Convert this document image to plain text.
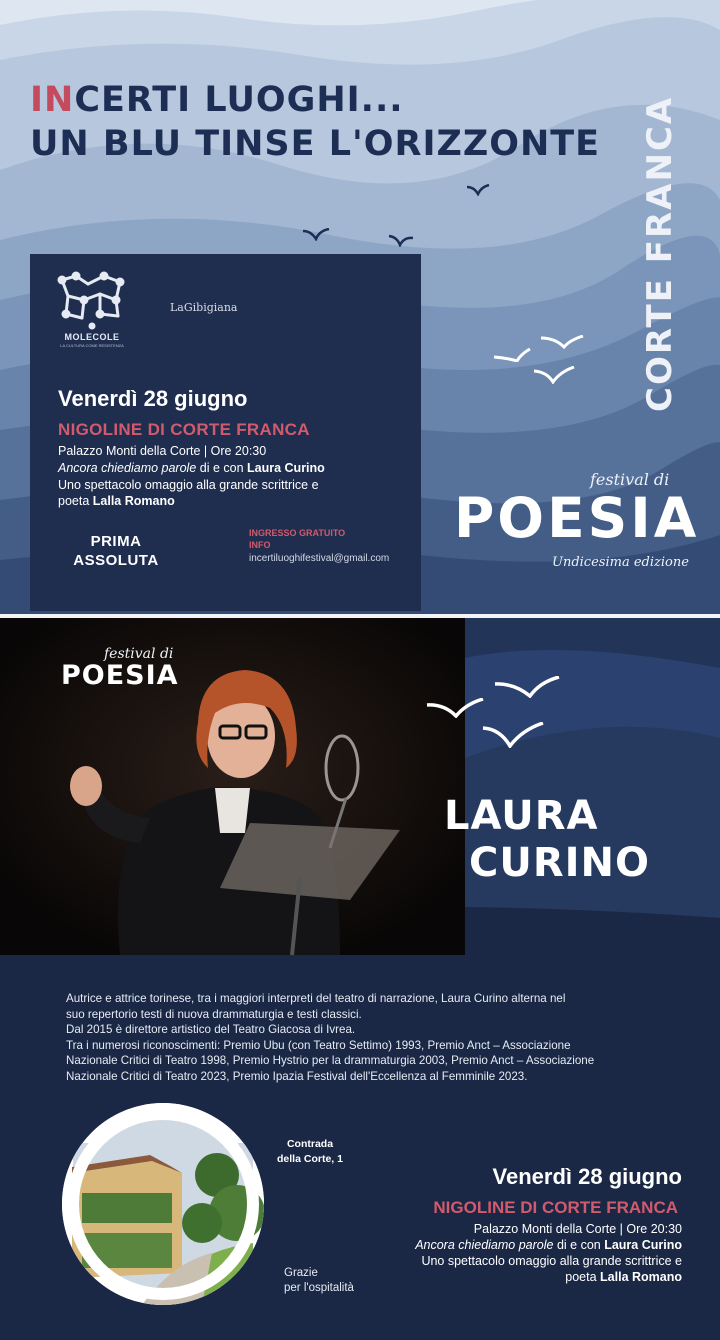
INCERTI LUOGHI...
UN BLU TINSE L'ORIZZONTE CORTE FRANCA
MOLECOLE
LA CULTURA COME RESISTENZA
LaGibigiana
Venerdì 28 giugno
NIGOLINE DI CORTE FRANCA
Palazzo Monti della Corte | Ore 20:30
Ancora chiediamo parole di e con Laura Curino
Uno spettacolo omaggio alla grande scrittrice e
poeta Lalla Romano
PRIMA
ASSOLUTA
INGRESSO GRATUITO
INFO
incertiluoghifestival@gmail.com
festival di
POESIA
Undicesima edizione
festival di
POESIA
LAURA
CURINO
Autrice e attrice torinese, tra i maggiori interpreti del teatro di narrazione, Laura Curino alterna nel
suo repertorio testi di nuova drammaturgia e testi classici.
Dal 2015 è direttore artistico del Teatro Giacosa di Ivrea.
Tra i numerosi riconoscimenti: Premio Ubu (con Teatro Settimo) 1993, Premio Anct – Associazione
Nazionale Critici di Teatro 1998, Premio Hystrio per la drammaturgia 2003, Premio Anct – Associazione
Nazionale Critici di Teatro 2023, Premio Ipazia Festival dell'Eccellenza al Femminile 2023.
Contrada
della Corte, 1
Grazie
per l'ospitalità
Venerdì 28 giugno
NIGOLINE DI CORTE FRANCA
Palazzo Monti della Corte | Ore 20:30
Ancora chiediamo parole di e con Laura Curino
Uno spettacolo omaggio alla grande scrittrice e
poeta Lalla Romano
